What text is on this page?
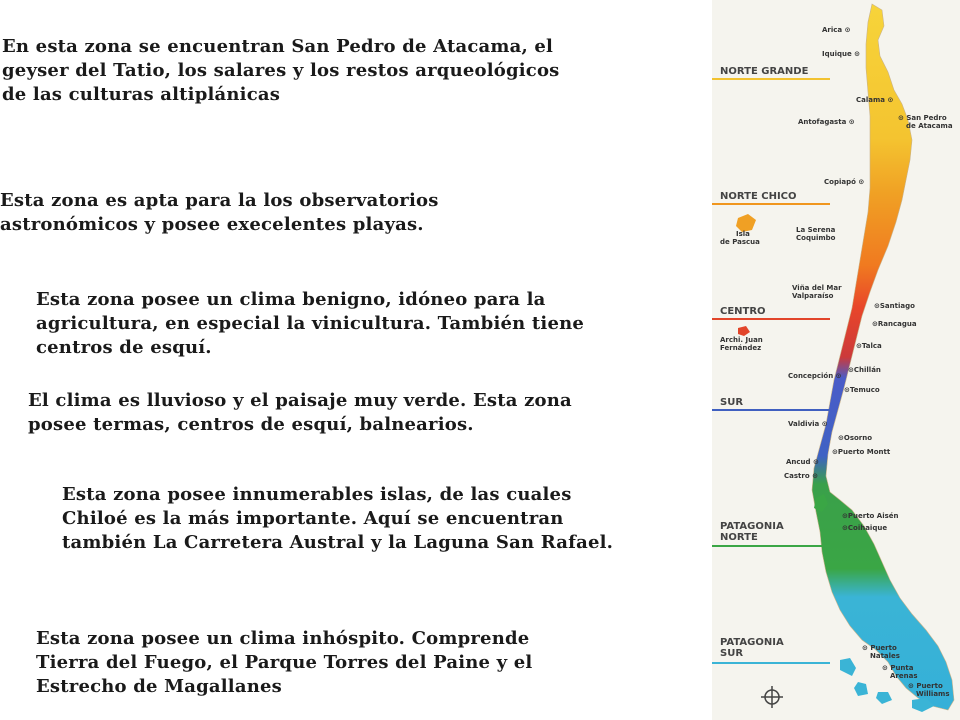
En esta zona se encuentran San Pedro de Atacama, el
geyser del Tatio, los salares y los restos arqueológicos
de las culturas altiplánicas

Esta zona es apta para la los observatorios
astronómicos y posee execelentes playas.

Esta zona posee un clima benigno, idóneo para la
agricultura, en especial la vinicultura. También tiene
centros de esquí.

El clima es lluvioso y el paisaje muy verde. Esta zona
posee termas, centros de esquí, balnearios.

Esta zona posee innumerables islas, de las cuales
Chiloé es la más importante. Aquí se encuentran
también La Carretera Austral y la Laguna San Rafael.

Esta zona posee un clima inhóspito. Comprende
Tierra del Fuego, el Parque Torres del Paine y el
Estrecho de Magallanes

NORTE GRANDE
NORTE CHICO
CENTRO
SUR
PATAGONIA
NORTE
PATAGONIA
SUR
Arica ⊙
Iquique ⊙
Calama ⊙
Antofagasta ⊙
⊙	San Pedro
de Atacama
Copiapó ⊙
La Serena
Coquimbo
Isla
de Pascua
Viña del Mar
Valparaíso
⊙ Santiago
⊙ Rancagua
⊙ Talca
Archi. Juan
Fernández
⊙ Chillán
Concepción ⊙
⊙ Temuco
Valdivia ⊙
⊙ Osorno
⊙ Puerto Montt
Ancud ⊙
Castro ⊙
⊙ Puerto Aisén
⊙ Coihaique
⊙ Puerto
Natales
⊙ Punta
Arenas
⊙ Puerto
Williams
